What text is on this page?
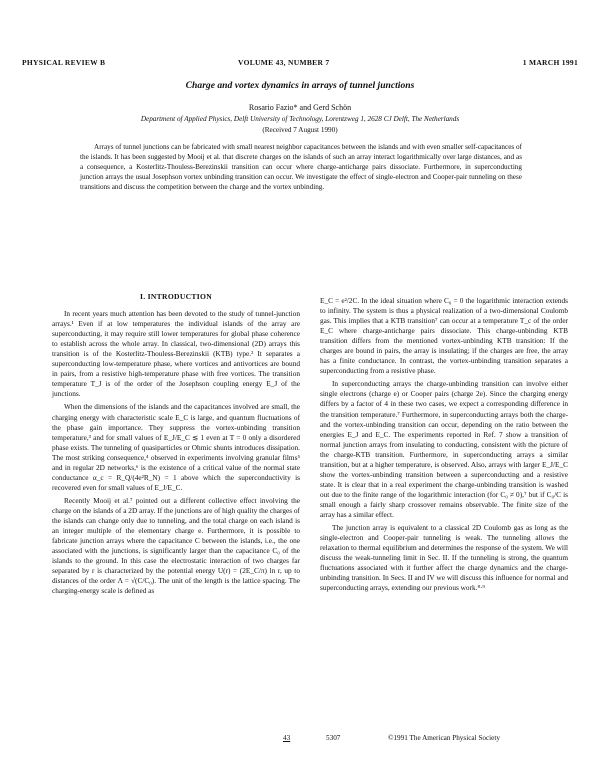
PHYSICAL REVIEW B	VOLUME 43, NUMBER 7	1 MARCH 1991
Charge and vortex dynamics in arrays of tunnel junctions
Rosario Fazio* and Gerd Schön
Department of Applied Physics, Delft University of Technology, Lorentzweg 1, 2628 CJ Delft, The Netherlands
(Received 7 August 1990)

Arrays of tunnel junctions can be fabricated with small nearest neighbor capacitances between the islands and with even smaller self-capacitances of the islands. It has been suggested by Mooij et al. that discrete charges on the islands of such an array interact logarithmically over large distances, and as a consequence, a Kosterlitz-Thouless-Berezinskii transition can occur where charge-anticharge pairs dissociate. Furthermore, in superconducting junction arrays the usual Josephson vortex unbinding transition can occur. We investigate the effect of single-electron and Cooper-pair tunneling on these transitions and discuss the competition between the charge and the vortex unbinding.

I. INTRODUCTION

In recent years much attention has been devoted to the study of tunnel-junction arrays.¹ Even if at low temperatures the individual islands of the array are superconducting, it may require still lower temperatures for global phase coherence to establish across the whole array. In classical, two-dimensional (2D) arrays this transition is of the Kosterlitz-Thouless-Berezinskii (KTB) type.² It separates a superconducting low-temperature phase, where vortices and antivortices are bound in pairs, from a resistive high-temperature phase with free vortices. The transition temperature T_J is of the order of the Josephson coupling energy E_J of the junctions.

When the dimensions of the islands and the capacitances involved are small, the charging energy with characteristic scale E_C is large, and quantum fluctuations of the phase gain importance. They suppress the vortex-unbinding transition temperature,³ and for small values of E_J/E_C ≲ 1 even at T = 0 only a disordered phase exists. The tunneling of quasiparticles or Ohmic shunts introduces dissipation. The most striking consequence,⁴ observed in experiments involving granular films⁵ and in regular 2D networks,⁶ is the existence of a critical value of the normal state conductance α_c = R_Q/(4e²R_N) = 1 above which the superconductivity is recovered even for small values of E_J/E_C.

Recently Mooij et al.⁷ pointed out a different collective effect involving the charge on the islands of a 2D array. If the junctions are of high quality the charges of the islands can change only due to tunneling, and the total charge on each island is an integer multiple of the elementary charge e. Furthermore, it is possible to fabricate junction arrays where the capacitance C between the islands, i.e., the one associated with the junctions, is significantly larger than the capacitance C₀ of the islands to the ground. In this case the electrostatic interaction of two charges far separated by r is characterized by the potential energy U(r) = (2E_C/π) ln r, up to distances of the order Λ = √(C/C₀). The unit of the length is the lattice spacing. The charging-energy scale is defined as

E_C = e²/2C. In the ideal situation where C₀ = 0 the logarithmic interaction extends to infinity. The system is thus a physical realization of a two-dimensional Coulomb gas. This implies that a KTB transition⁷ can occur at a temperature T_c of the order E_C where charge-anticharge pairs dissociate. This charge-unbinding KTB transition differs from the mentioned vortex-unbinding KTB transition: If the charges are bound in pairs, the array is insulating; if the charges are free, the array has a finite conductance. In contrast, the vortex-unbinding transition separates a superconducting from a resistive phase.

In superconducting arrays the charge-unbinding transition can involve either single electrons (charge e) or Cooper pairs (charge 2e). Since the charging energy differs by a factor of 4 in these two cases, we expect a corresponding difference in the transition temperature.⁷ Furthermore, in superconducting arrays both the charge- and the vortex-unbinding transition can occur, depending on the ratio between the energies E_J and E_C. The experiments reported in Ref. 7 show a transition of normal junction arrays from insulating to conducting, consistent with the picture of the charge-KTB transition. Furthermore, in superconducting arrays a similar transition, but at a higher temperature, is observed. Also, arrays with larger E_J/E_C show the vortex-unbinding transition between a superconducting and a resistive state. It is clear that in a real experiment the charge-unbinding transition is washed out due to the finite range of the logarithmic interaction (for C₀ ≠ 0),⁷ but if C₀/C is small enough a fairly sharp crossover remains observable. The finite size of the array has a similar effect.

The junction array is equivalent to a classical 2D Coulomb gas as long as the single-electron and Cooper-pair tunneling is weak. The tunneling allows the relaxation to thermal equilibrium and determines the response of the system. We will discuss the weak-tunneling limit in Sec. II. If the tunneling is strong, the quantum fluctuations associated with it further affect the charge dynamics and the charge-unbinding transition. In Secs. II and IV we will discuss this influence for normal and superconducting arrays, extending our previous work.⁸·⁹

43	5307	©1991 The American Physical Society
